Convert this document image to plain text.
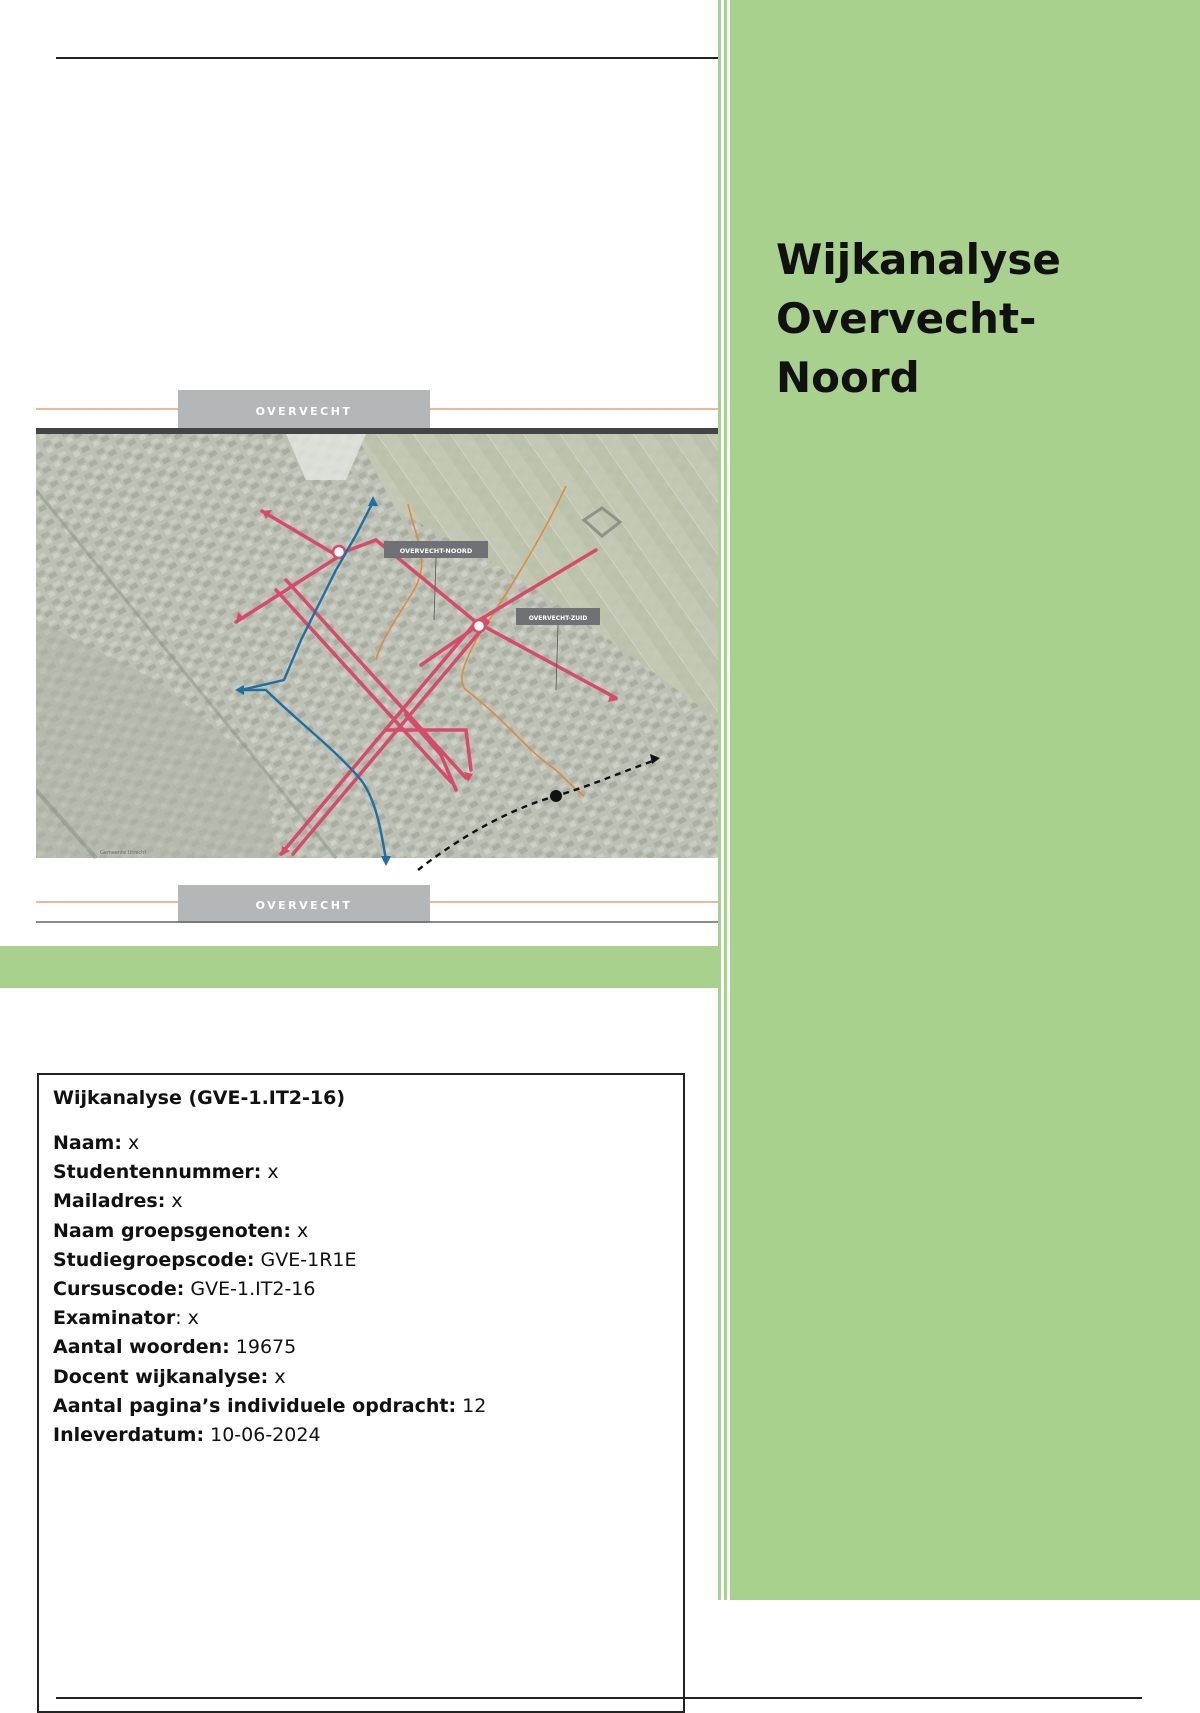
Wijkanalyse
Overvecht-Noord
OVERVECHT
OVERVECHT-NOORD
OVERVECHT-ZUID
Gemeente Utrecht
OVERVECHT
Wijkanalyse (GVE-1.IT2-16)
Naam: x
Studentennummer: x
Mailadres: x
Naam groepsgenoten: x
Studiegroepscode: GVE-1R1E
Cursuscode: GVE-1.IT2-16
Examinator: x
Aantal woorden: 19675
Docent wijkanalyse: x
Aantal pagina’s individuele opdracht: 12
Inleverdatum: 10-06-2024
